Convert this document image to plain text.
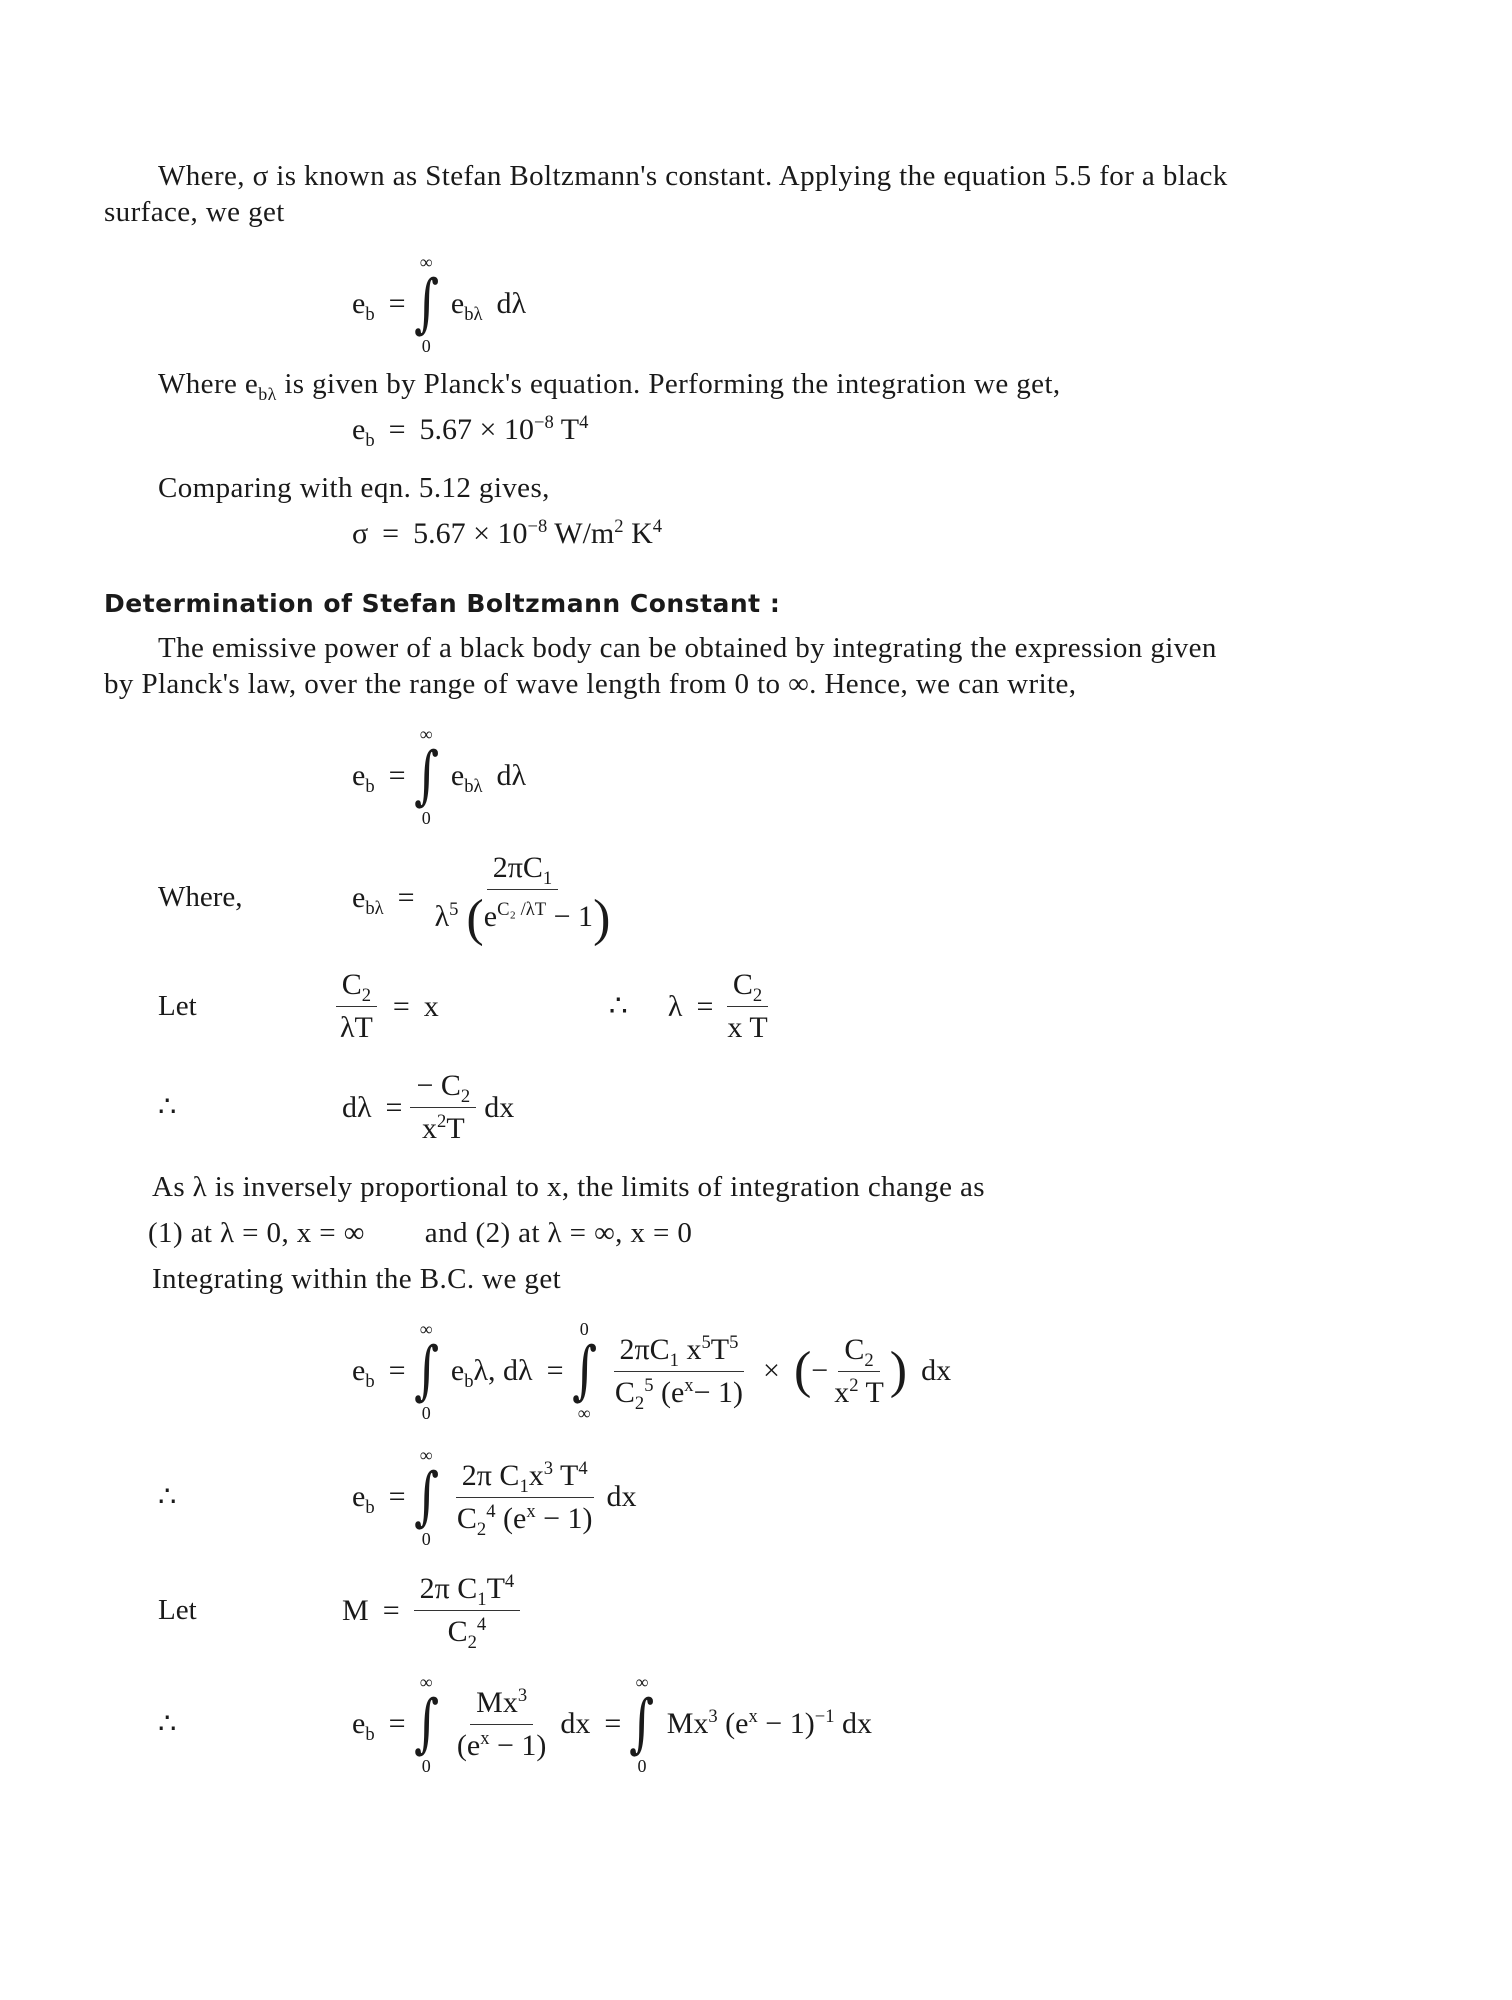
Where, σ is known as Stefan Boltzmann's constant. Applying the equation 5.5 for a black
surface, we get
$e_b$ =
∞
∫
0
$e_{b\lambda}$ dλ
Where $e_{b\lambda}$ is given by Planck's equation. Performing the integration we get,
$e_b = 5.67 \times 10^{-8}$ $T^4$
Comparing with eqn. 5.12 gives,
$\sigma = 5.67 \times 10^{-8}$ $W/m^2$ $K^4$
Determination of Stefan Boltzmann Constant :
The emissive power of a black body can be obtained by integrating the expression given
by Planck's law, over the range of wave length from 0 to ∞. Hence, we can write,
$e_b$ =
∞
∫
0
$e_{b\lambda}$ dλ
Where,	$e_{b\lambda} = \frac{2\pi C_1}{\lambda^5 (e^{C_2 /\lambda T} - 1)}$
Let	$\frac{C_2}{\lambda T} = x$	∴ $\lambda = \frac{C_2}{\text{x T}}$
∴	$d\lambda = \frac{- C_2}{x^2T}$ dx
As λ is inversely proportional to x, the limits of integration change as
(1) at λ = 0, x = ∞ and (2) at λ = ∞, x = 0
Integrating within the B.C. we get
$e_b$ =
∞
∫
0
$e_b\lambda$, dλ =
0
∫
∞
$\frac{2\pi C_1 x^5T^5}{C_2^5 (e^x- 1)}$ × ( − $\frac{C_2}{x^2 T}$ ) dx
∴	$e_b$ =
∞
∫
0
$\frac{2\pi C_1x^3 T^4}{C_2^4 (e^x - 1)}$ dx
Let	$M = \frac{2\pi C_1T^4}{C_2^4}$
∴	$e_b$ =
∞
∫
0
$\frac{Mx^3}{(e^x - 1)}$ dx =
∞
∫
0
Mx$^3$ $(e^x - 1)^{-1}$ dx
